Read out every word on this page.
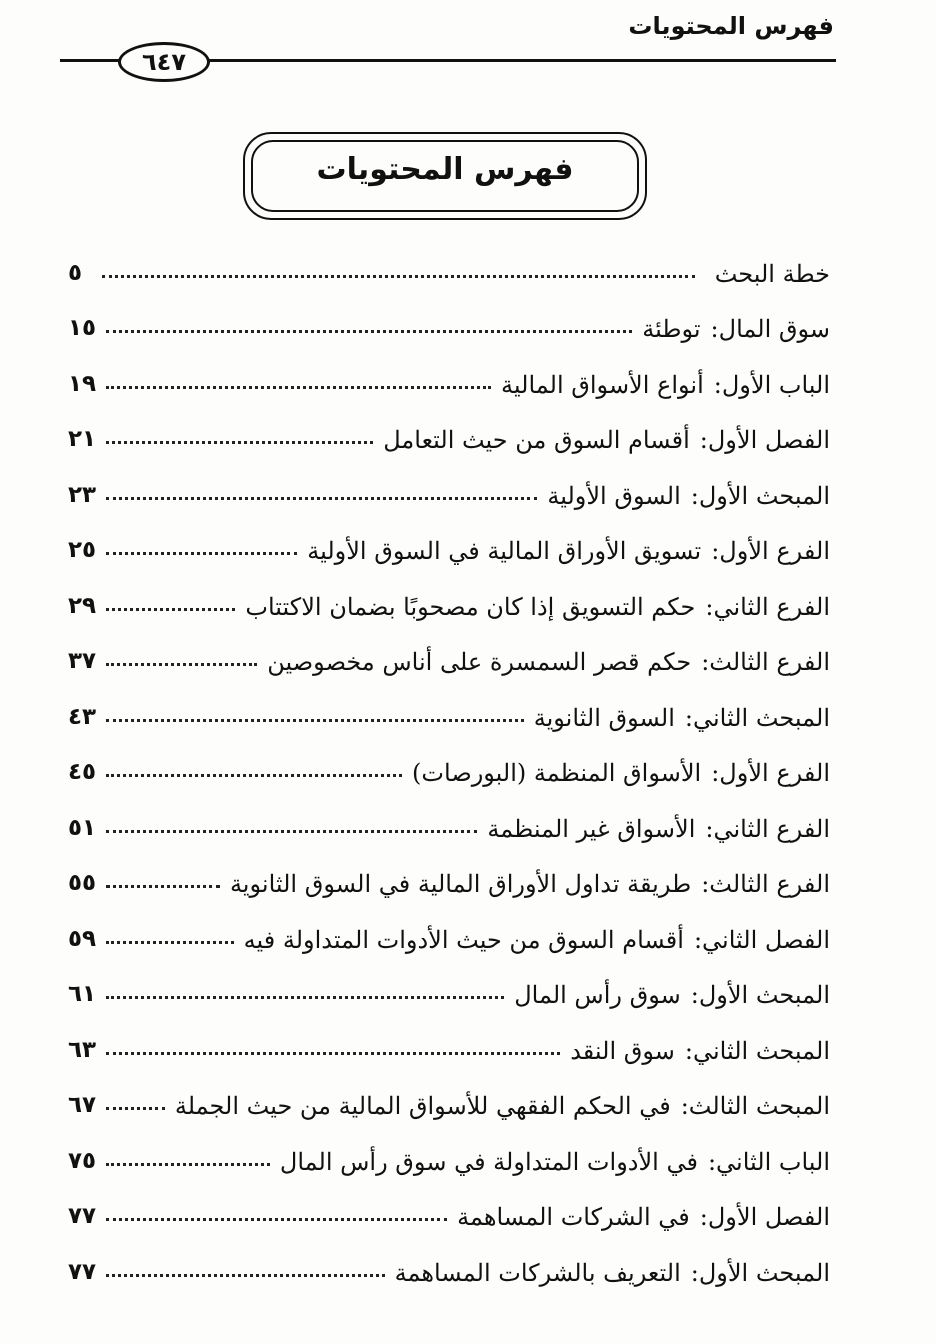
فهرس المحتويات
٦٤٧
فهرس المحتويات
٥	خطة البحث
١٥	سوق المال:توطئة
١٩	الباب الأول:أنواع الأسواق المالية
٢١	الفصل الأول:أقسام السوق من حيث التعامل
٢٣	المبحث الأول:السوق الأولية
٢٥	الفرع الأول:تسويق الأوراق المالية في السوق الأولية
٢٩	الفرع الثاني:حكم التسويق إذا كان مصحوبًا بضمان الاكتتاب
٣٧	الفرع الثالث:حكم قصر السمسرة على أناس مخصوصين
٤٣	المبحث الثاني:السوق الثانوية
٤٥	الفرع الأول:الأسواق المنظمة (البورصات)
٥١	الفرع الثاني:الأسواق غير المنظمة
٥٥	الفرع الثالث:طريقة تداول الأوراق المالية في السوق الثانوية
٥٩	الفصل الثاني:أقسام السوق من حيث الأدوات المتداولة فيه
٦١	المبحث الأول:سوق رأس المال
٦٣	المبحث الثاني:سوق النقد
٦٧	المبحث الثالث:في الحكم الفقهي للأسواق المالية من حيث الجملة
٧٥	الباب الثاني:في الأدوات المتداولة في سوق رأس المال
٧٧	الفصل الأول:في الشركات المساهمة
٧٧	المبحث الأول:التعريف بالشركات المساهمة
